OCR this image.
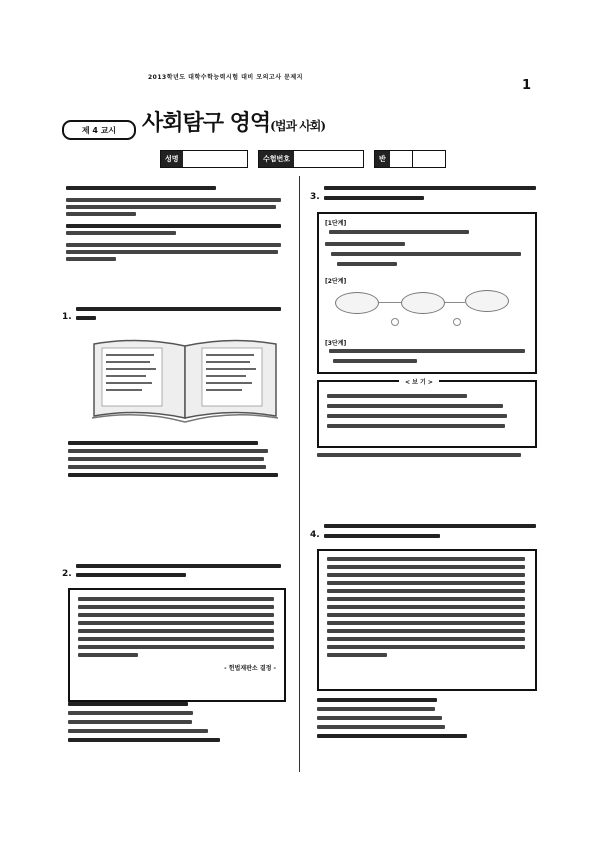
2013학년도 대학수학능력시험 대비 모의고사 문제지
1
제 4 교시	사회탐구 영역(법과 사회)
성명	수험번호	반
1.
2.
- 헌법재판소 결정 -
3.
[1단계]
[2단계]
[3단계]
< 보 기 >
4.
